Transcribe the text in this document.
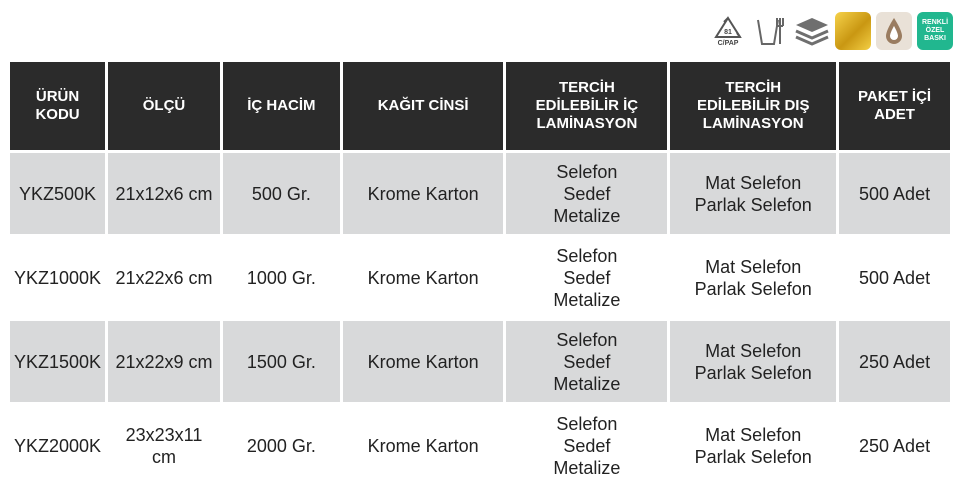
81
C/PAP
RENKLİ
ÖZEL
BASKI
ÜRÜN
KODU	ÖLÇÜ	İÇ HACİM	KAĞIT CİNSİ	TERCİH
EDİLEBİLİR İÇ
LAMİNASYON	TERCİH
EDİLEBİLİR DIŞ
LAMİNASYON	PAKET İÇİ
ADET

YKZ500K	21x12x6 cm	500 Gr.	Krome Karton	Selefon
Sedef
Metalize	Mat Selefon
Parlak Selefon	500 Adet
YKZ1000K	21x22x6 cm	1000 Gr.	Krome Karton	Selefon
Sedef
Metalize	Mat Selefon
Parlak Selefon	500 Adet
YKZ1500K	21x22x9 cm	1500 Gr.	Krome Karton	Selefon
Sedef
Metalize	Mat Selefon
Parlak Selefon	250 Adet
YKZ2000K	23x23x11 cm	2000 Gr.	Krome Karton	Selefon
Sedef
Metalize	Mat Selefon
Parlak Selefon	250 Adet
